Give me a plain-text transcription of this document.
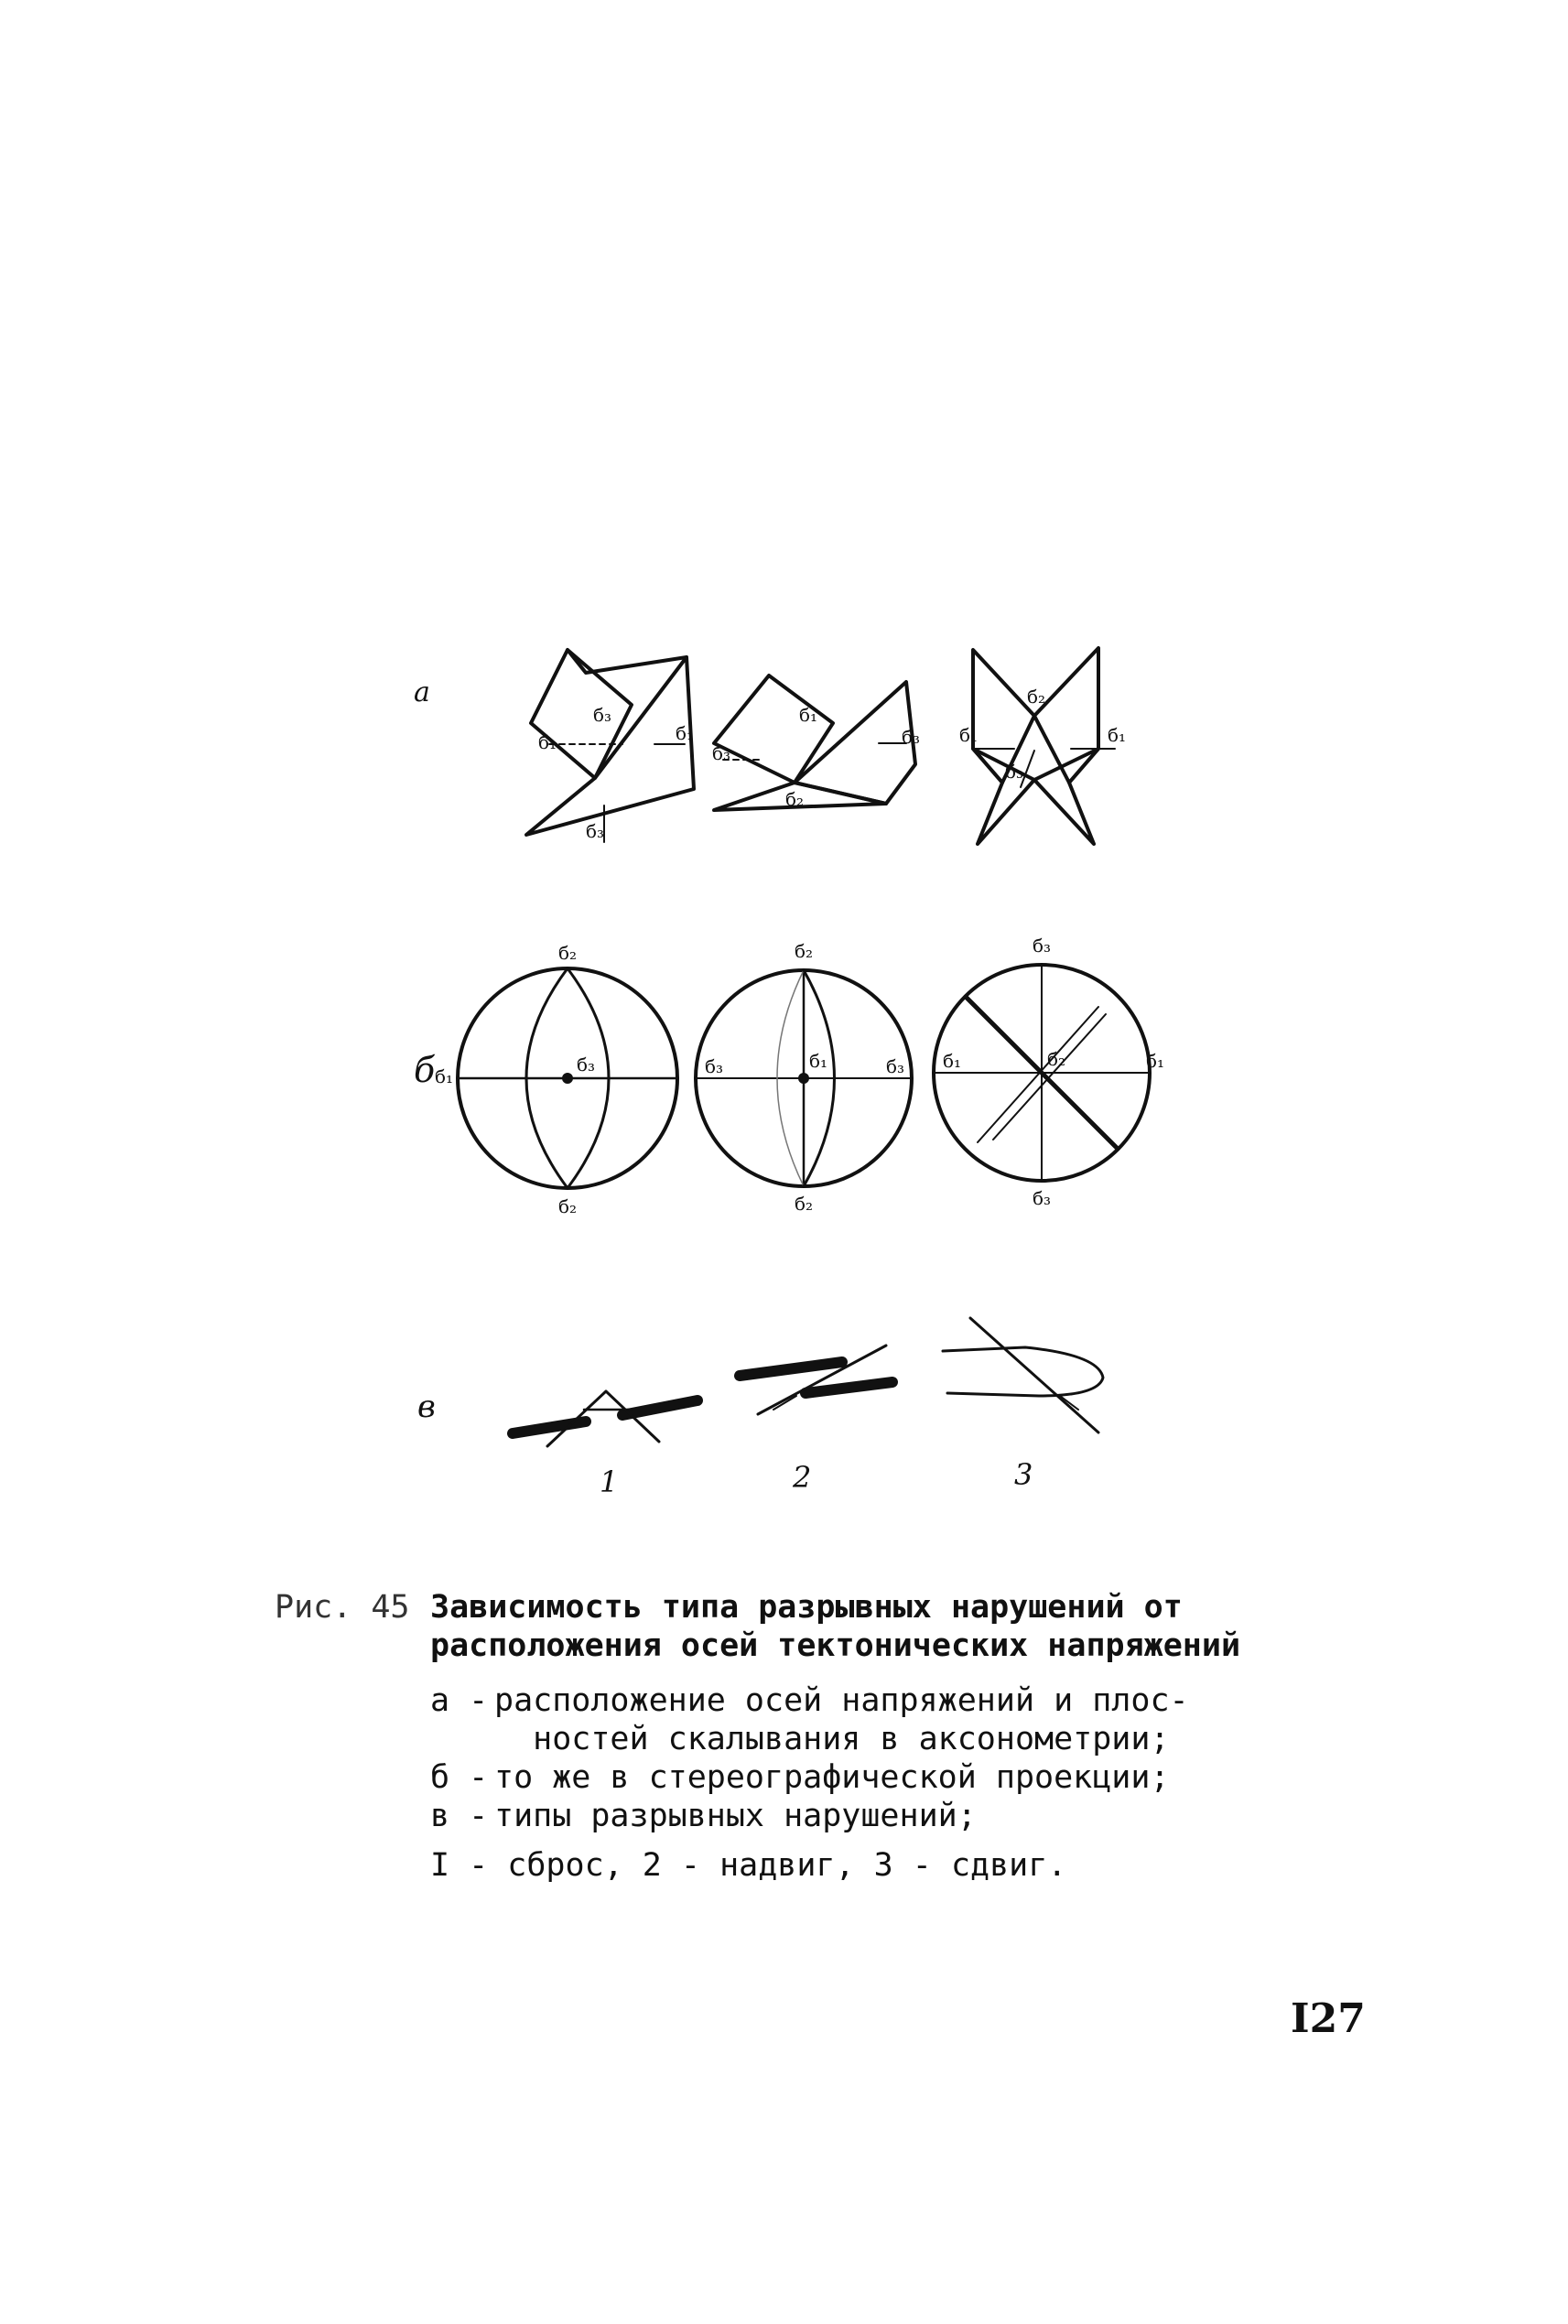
а
б
в
б₁	б₁
б₃
б₃
б₁
б₂
б₃
б₃
б₂
б₁	б₁
б₃
б₂
б₂
б₁
б₃
б₂
б₂
б₃	б₃
б₁
б₃
б₃
б₁	б₁
б₂
1	2	3
Рис. 45 Зависимость типа разрывных нарушений от
расположения осей тектонических напряжений
а - расположение осей напряжений и плос-
ностей скалывания в аксонометрии;
б - то же в стереографической проекции;
в - типы разрывных нарушений;
I - сброс, 2 - надвиг, 3 - сдвиг.
I27
